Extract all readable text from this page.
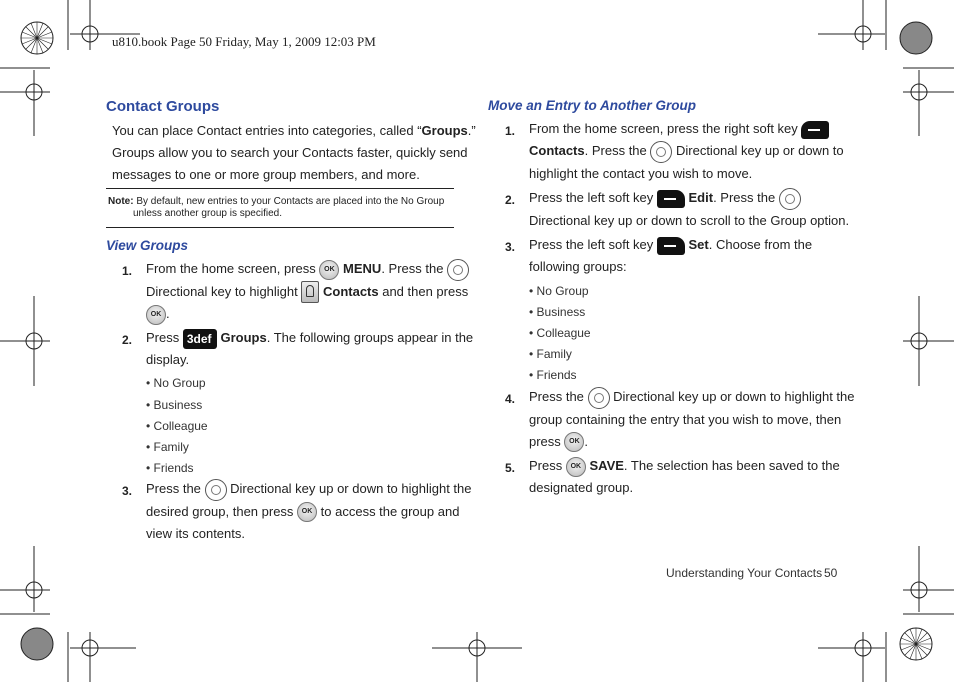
u810.book Page 50 Friday, May 1, 2009 12:03 PM
Contact Groups
You can place Contact entries into categories, called “Groups.”
Groups allow you to search your Contacts faster, quickly send
messages to one or more group members, and more.
Note: By default, new entries to your Contacts are placed into the No Group
unless another group is specified.
View Groups
1. From the home screen, press OK MENU. Press the
Directional key to highlight  Contacts and then press
OK .
2. Press 3def Groups. The following groups appear in the
display.
• No Group
• Business
• Colleague
• Family
• Friends
3. Press the  Directional key up or down to highlight the
desired group, then press OK to access the group and
view its contents.
Move an Entry to Another Group
1. From the home screen, press the right soft key
Contacts. Press the  Directional key up or down to
highlight the contact you wish to move.
2. Press the left soft key  Edit. Press the
Directional key up or down to scroll to the Group option.
3. Press the left soft key  Set. Choose from the
following groups:
• No Group
• Business
• Colleague
• Family
• Friends
4. Press the  Directional key up or down to highlight the
group containing the entry that you wish to move, then
press OK .
5. Press OK SAVE. The selection has been saved to the
designated group.
Understanding Your Contacts 50
